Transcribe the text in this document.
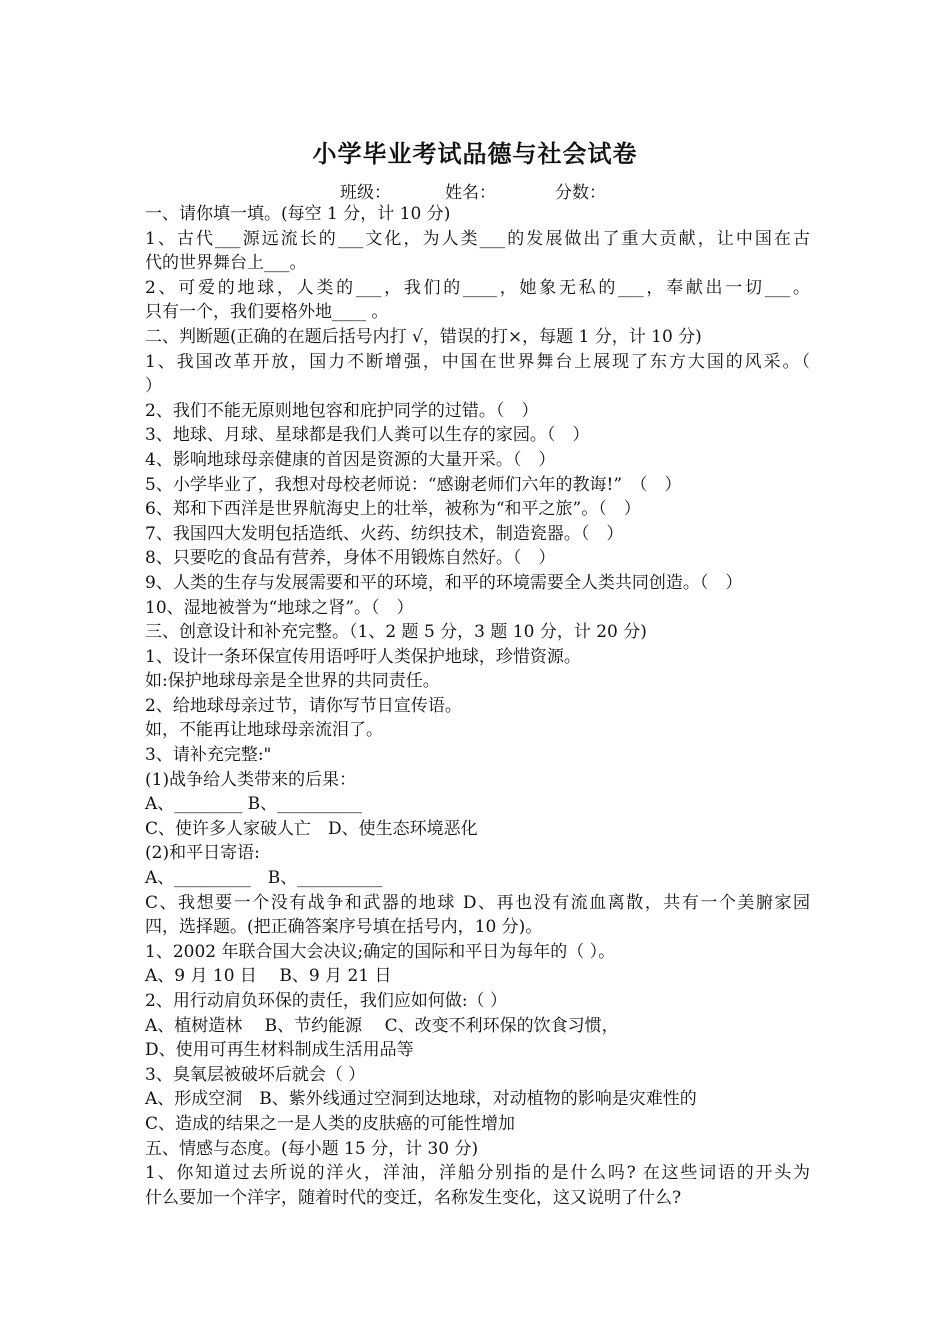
小学毕业考试品德与社会试卷
班级：	姓名：	分数：
一、请你填一填。(每空 1 分，计 10 分)
1、古代___源远流长的___文化，为人类___的发展做出了重大贡献，让中国在古
代的世界舞台上___。
2、可爱的地球，人类的___，我们的____，她象无私的___，奉献出一切___。
只有一个，我们要格外地____ 。
二、判断题(正确的在题后括号内打 √，错误的打×，每题 1 分，计 10 分)
1、我国改革开放，国力不断增强，中国在世界舞台上展现了东方大国的风采。（
）
2、我们不能无原则地包容和庇护同学的过错。（　）
3、地球、月球、星球都是我们人粪可以生存的家园。（　）
4、影响地球母亲健康的首因是资源的大量开采。（　）
5、小学毕业了，我想对母校老师说：“感谢老师们六年的教诲!”　（　）
6、郑和下西洋是世界航海史上的壮举，被称为“和平之旅”。（　）
7、我国四大发明包括造纸、火药、纺织技术，制造瓷器。（　）
8、只要吃的食品有营养，身体不用锻炼自然好。（　）
9、人类的生存与发展需要和平的环境，和平的环境需要全人类共同创造。（　）
10、湿地被誉为“地球之肾”。（　）
三、创意设计和补充完整。（1、2 题 5 分，3 题 10 分，计 20 分)
1、设计一条环保宣传用语呼吁人类保护地球，珍惜资源。
如:保护地球母亲是全世界的共同责任。
2、给地球母亲过节，请你写节日宣传语。
如，不能再让地球母亲流泪了。
3、请补充完整:"
(1)战争给人类带来的后果：
A、________ B、__________
C、使许多人家破人亡　D、使生态环境恶化
(2)和平日寄语:
A、_________　B、__________
C、我想要一个没有战争和武器的地球 D、再也没有流血离散，共有一个美腑家园
四，选择题。(把正确答案序号填在括号内，10 分)。
1、2002 年联合国大会决议;确定的国际和平日为每年的（ ）。
A、9 月 10 日　 B、9 月 21 日
2、用行动肩负环保的责任，我们应如何做:（ ）
A、植树造林　 B、节约能源　 C、改变不利环保的饮食习惯，
D、使用可再生材料制成生活用品等
3、臭氧层被破坏后就会（ ）
A、形成空洞　B、紫外线通过空洞到达地球，对动植物的影响是灾难性的
C、造成的结果之一是人类的皮肤癌的可能性增加
五、情感与态度。(每小题 15 分，计 30 分)
1、你知道过去所说的洋火，洋油，洋船分别指的是什么吗? 在这些词语的开头为
什么要加一个洋字，随着时代的变迁，名称发生变化，这又说明了什么?
